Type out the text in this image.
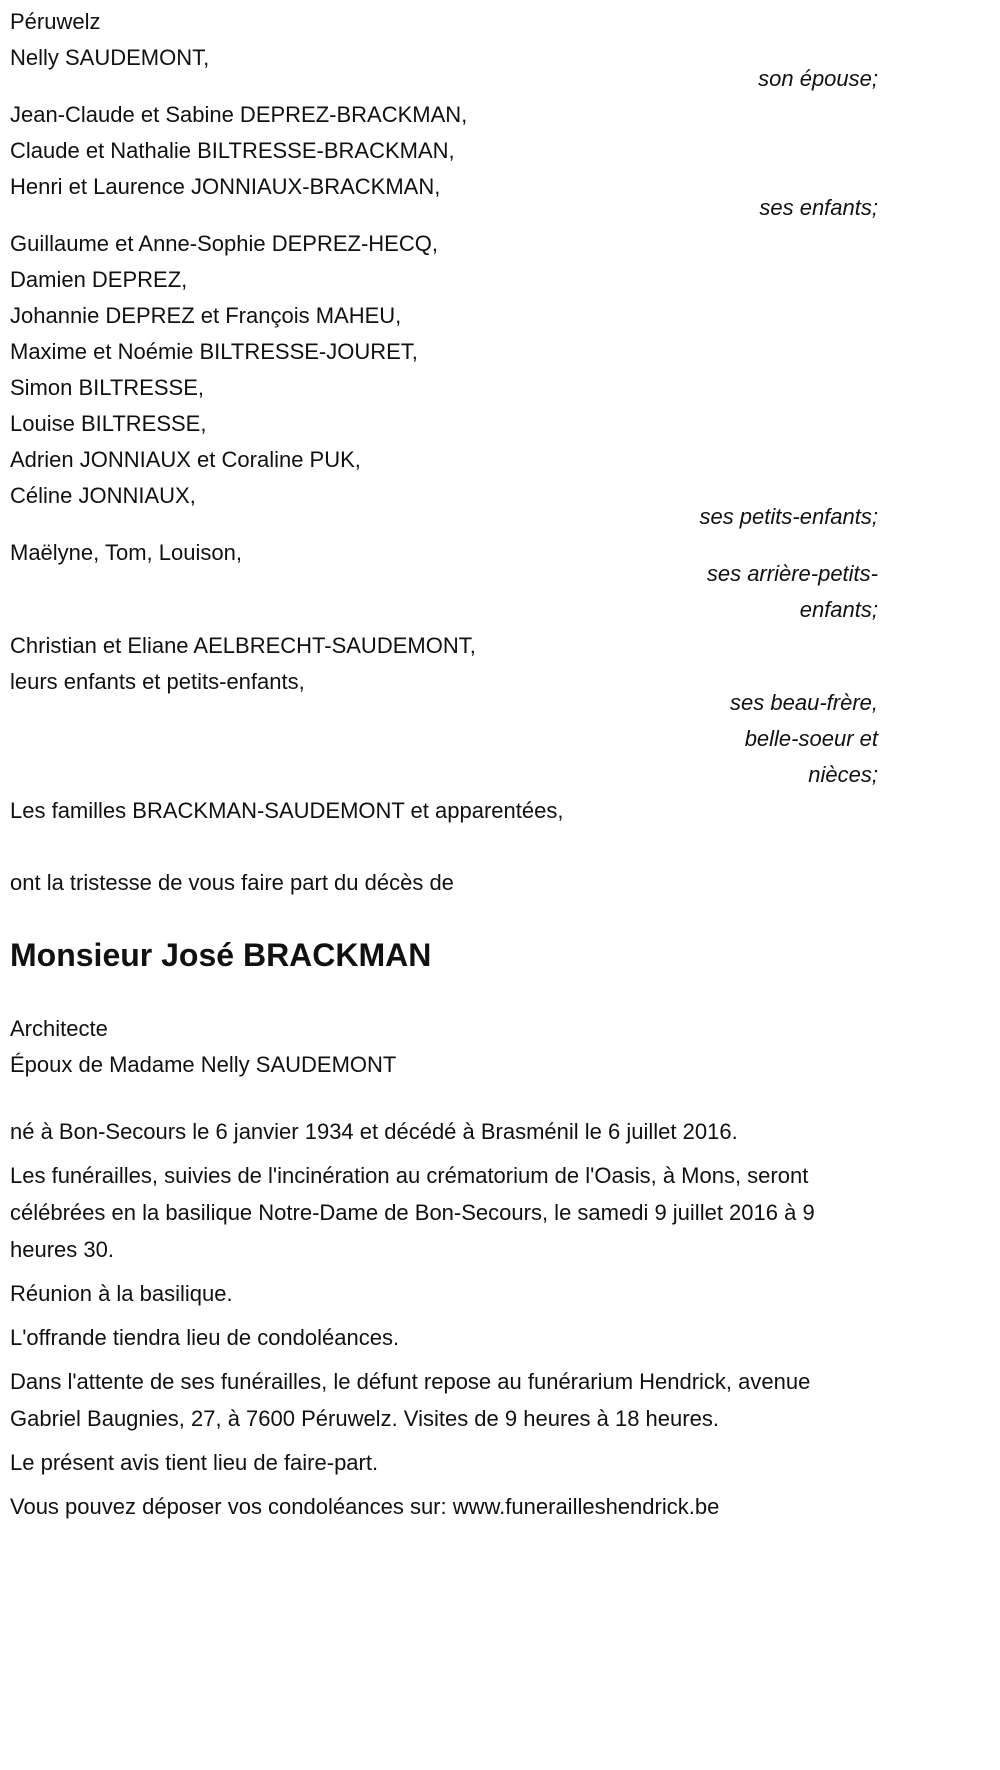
Péruwelz
Nelly SAUDEMONT,
son épouse;
Jean-Claude et Sabine DEPREZ-BRACKMAN,
Claude et Nathalie BILTRESSE-BRACKMAN,
Henri et Laurence JONNIAUX-BRACKMAN,
ses enfants;
Guillaume et Anne-Sophie DEPREZ-HECQ,
Damien DEPREZ,
Johannie DEPREZ et François MAHEU,
Maxime et Noémie BILTRESSE-JOURET,
Simon BILTRESSE,
Louise BILTRESSE,
Adrien JONNIAUX et Coraline PUK,
Céline JONNIAUX,
ses petits-enfants;
Maëlyne, Tom, Louison,
ses arrière-petits-enfants;
Christian et Eliane AELBRECHT-SAUDEMONT,
leurs enfants et petits-enfants,
ses beau-frère, belle-soeur et nièces;
Les familles BRACKMAN-SAUDEMONT et apparentées,
ont la tristesse de vous faire part du décès de
Monsieur José BRACKMAN
Architecte
Époux de Madame Nelly SAUDEMONT

né à Bon-Secours le 6 janvier 1934 et décédé à Brasménil le 6 juillet 2016.

Les funérailles, suivies de l'incinération au crématorium de l'Oasis, à Mons, seront célébrées en la basilique Notre-Dame de Bon-Secours, le samedi 9 juillet 2016 à 9 heures 30.

Réunion à la basilique.

L'offrande tiendra lieu de condoléances.

Dans l'attente de ses funérailles, le défunt repose au funérarium Hendrick, avenue Gabriel Baugnies, 27, à 7600 Péruwelz. Visites de 9 heures à 18 heures.

Le présent avis tient lieu de faire-part.

Vous pouvez déposer vos condoléances sur: www.funerailleshendrick.be
